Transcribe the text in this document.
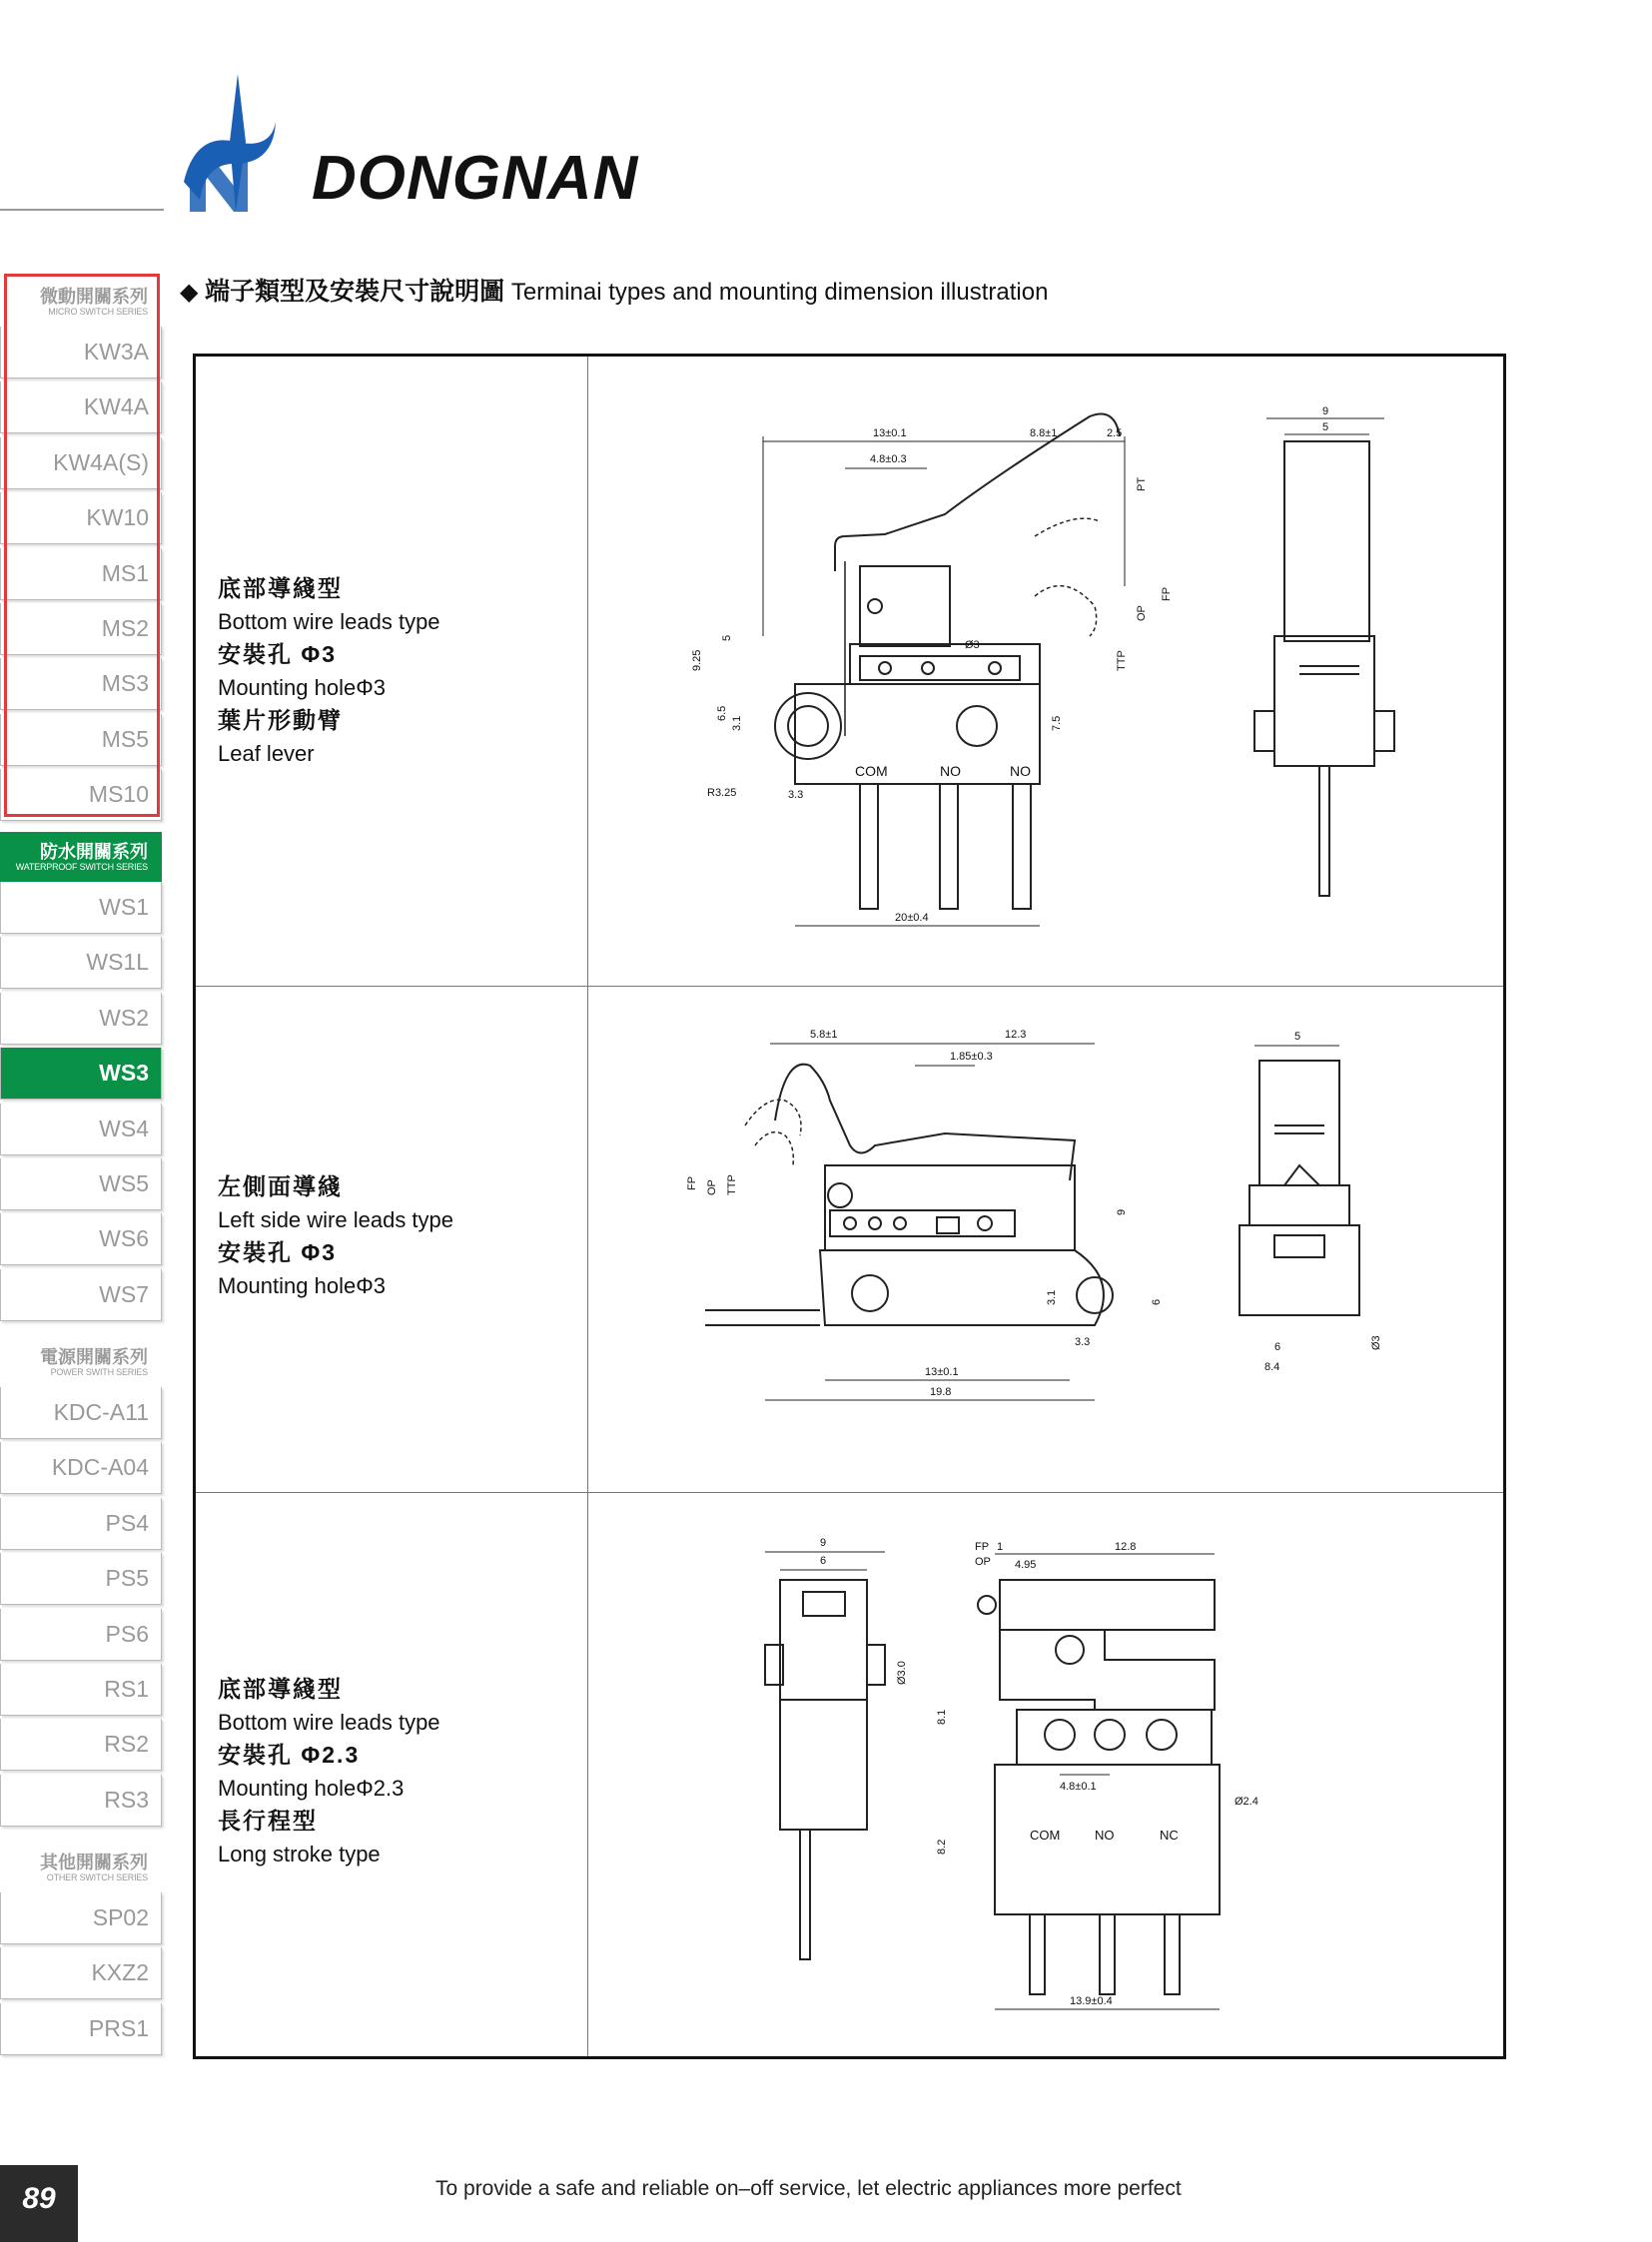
DONGNAN
◆ 端子類型及安裝尺寸說明圖 Terminai types and mounting dimension illustration
微動開關系列
MICRO SWITCH SERIES
KW3A
KW4A
KW4A(S)
KW10
MS1
MS2
MS3
MS5
MS10
防水開關系列
WATERPROOF SWITCH SERIES
WS1
WS1L
WS2
WS3
WS4
WS5
WS6
WS7
電源開關系列
POWER SWITH SERIES
KDC-A11
KDC-A04
PS4
PS5
PS6
RS1
RS2
RS3
其他開關系列
OTHER SWITCH SERIES
SP02
KXZ2
PRS1
底部導綫型
Bottom wire leads type
安裝孔 Φ3
Mounting holeΦ3
葉片形動臂
Leaf lever
左側面導綫
Left side wire leads type
安裝孔 Φ3
Mounting holeΦ3
底部導綫型
Bottom wire leads type
安裝孔 Φ2.3
Mounting holeΦ2.3
長行程型
Long stroke type
13±0.1	8.8±1	2.5
4.8±0.3
COM	NO	NO
20±0.4
R3.25	3.3
Ø3
9.25
5
6.5
3.1	7.5
TTP
OP
FP
PT
9
5
5.8±1	12.3
1.85±0.3
13±0.1
19.8
3.3
FP OP TTP
9
3.1	6
5
6
8.4
Ø3
9
6
Ø3.0
FP 1
OP 4.95
12.8
COM	NO	NC
4.8±0.1
Ø2.4
13.9±0.4
8.1
8.2
89	To provide a safe and reliable on–off service, let electric appliances more perfect
